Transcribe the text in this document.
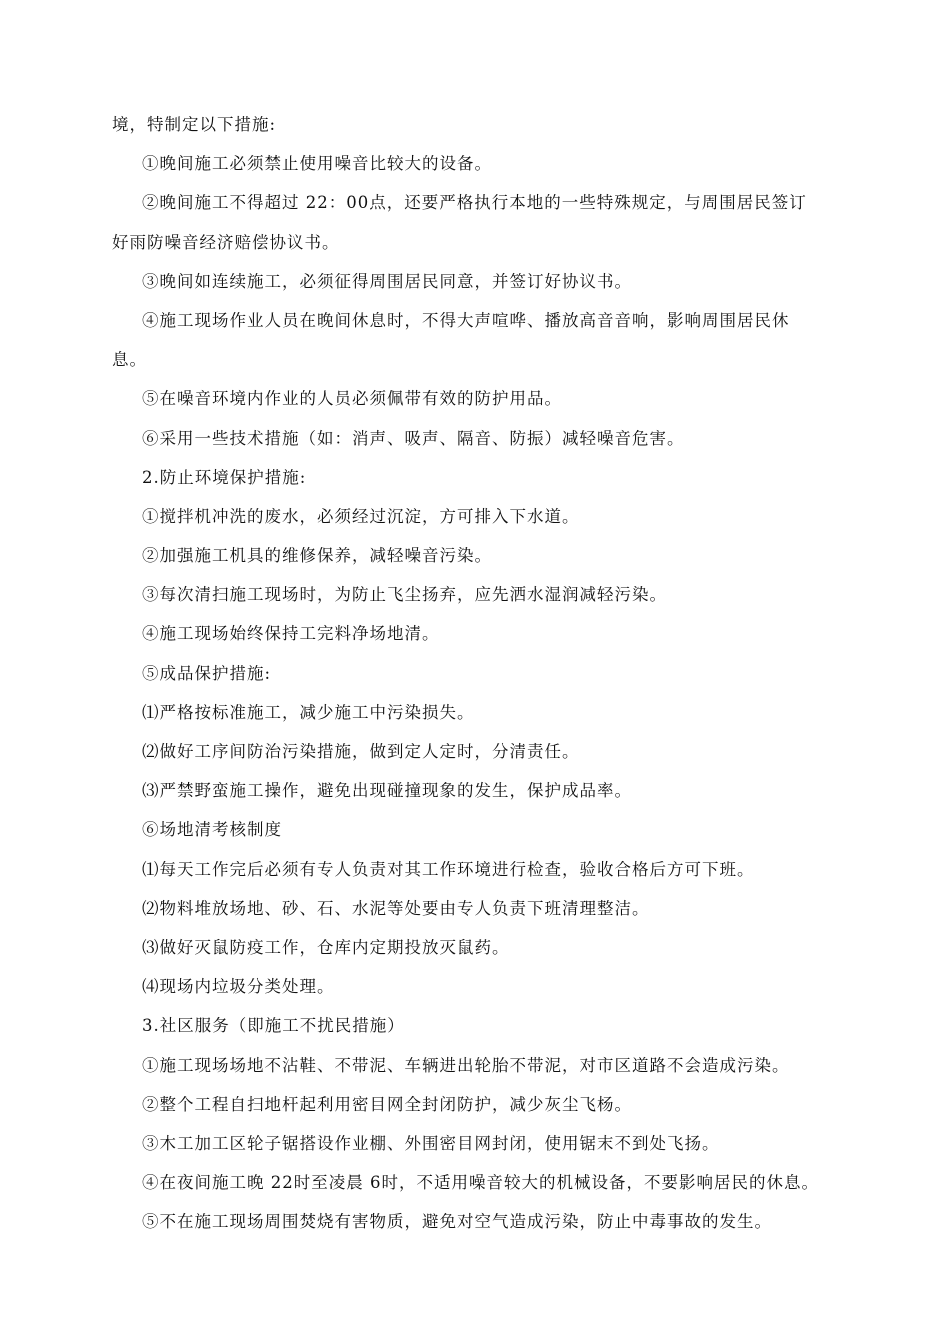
境，特制定以下措施:
①晚间施工必须禁止使用噪音比较大的设备。
②晚间施工不得超过 22：00点，还要严格执行本地的一些特殊规定，与周围居民签订
好雨防噪音经济赔偿协议书。
③晚间如连续施工，必须征得周围居民同意，并签订好协议书。
④施工现场作业人员在晚间休息时，不得大声喧哗、播放高音音响，影响周围居民休
息。
⑤在噪音环境内作业的人员必须佩带有效的防护用品。
⑥采用一些技术措施（如：消声、吸声、隔音、防振）减轻噪音危害。
2.防止环境保护措施:
①搅拌机冲洗的废水，必须经过沉淀，方可排入下水道。
②加强施工机具的维修保养，减轻噪音污染。
③每次清扫施工现场时，为防止飞尘扬弃，应先洒水湿润减轻污染。
④施工现场始终保持工完料净场地清。
⑤成品保护措施:
⑴严格按标准施工，减少施工中污染损失。
⑵做好工序间防治污染措施，做到定人定时，分清责任。
⑶严禁野蛮施工操作，避免出现碰撞现象的发生，保护成品率。
⑥场地清考核制度
⑴每天工作完后必须有专人负责对其工作环境进行检查，验收合格后方可下班。
⑵物料堆放场地、砂、石、水泥等处要由专人负责下班清理整洁。
⑶做好灭鼠防疫工作，仓库内定期投放灭鼠药。
⑷现场内垃圾分类处理。
3.社区服务（即施工不扰民措施）
①施工现场场地不沾鞋、不带泥、车辆进出轮胎不带泥，对市区道路不会造成污染。
②整个工程自扫地杆起利用密目网全封闭防护，减少灰尘飞杨。
③木工加工区轮子锯搭设作业棚、外围密目网封闭，使用锯末不到处飞扬。
④在夜间施工晚 22时至凌晨 6时，不适用噪音较大的机械设备，不要影响居民的休息。
⑤不在施工现场周围焚烧有害物质，避免对空气造成污染，防止中毒事故的发生。
